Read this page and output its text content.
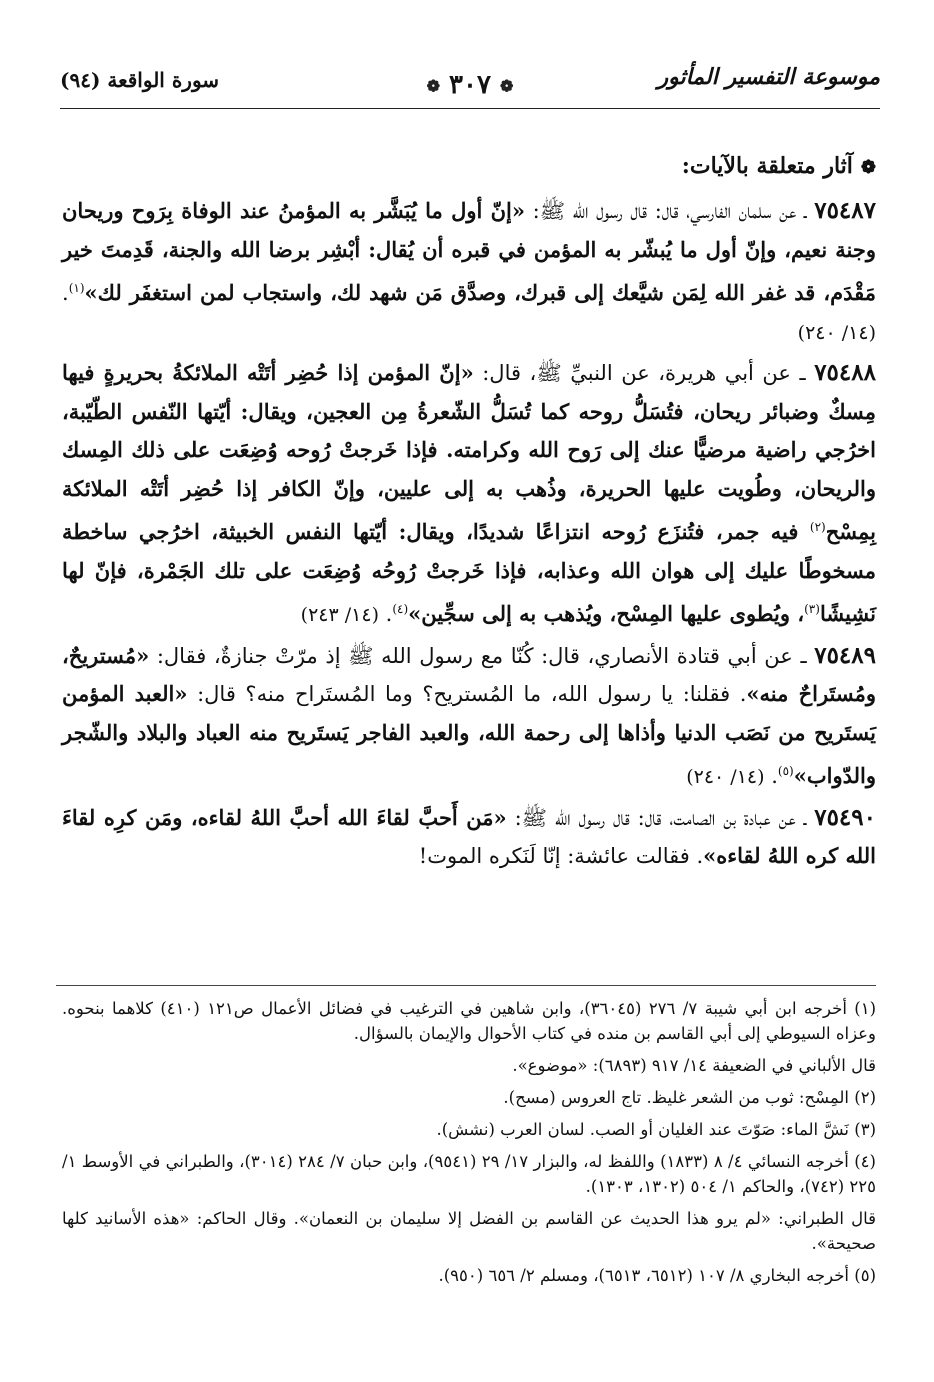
موسوعة التفسير المأثور
❁ ٣٠٧ ❁
سورة الواقعة (٩٤)
❁آثار متعلقة بالآيات:

٧٥٤٨٧ ـ عن سلمان الفارسي، قال: قال رسول الله ﷺ: «إنّ أول ما يُبَشَّر به المؤمنُ عند الوفاة بِرَوح وريحان وجنة نعيم، وإنّ أول ما يُبشّر به المؤمن في قبره أن يُقال: أبْشِر برضا الله والجنة، قَدِمتَ خير مَقْدَم، قد غفر الله لِمَن شيَّعك إلى قبرك، وصدَّق مَن شهد لك، واستجاب لمن استغفَر لك»$^{(١)}$. (١٤/ ٢٤٠)

٧٥٤٨٨ ـ عن أبي هريرة، عن النبيِّ ﷺ، قال: «إنّ المؤمن إذا حُضِر أتَتْه الملائكةُ بحريرةٍ فيها مِسكٌ وضبائر ريحان، فتُسَلُّ روحه كما تُسَلُّ الشّعرةُ مِن العجين، ويقال: أيّتها النّفس الطّيّبة، اخرُجي راضية مرضيًّا عنك إلى رَوح الله وكرامته. فإذا خَرجتْ رُوحه وُضِعَت على ذلك المِسك والريحان، وطُويت عليها الحريرة، وذُهب به إلى عليين، وإنّ الكافر إذا حُضِر أتَتْه الملائكة بِمِسْح$^{(٢)}$ فيه جمر، فتُنزَع رُوحه انتزاعًا شديدًا، ويقال: أيّتها النفس الخبيثة، اخرُجي ساخطة مسخوطًا عليك إلى هوان الله وعذابه، فإذا خَرجتْ رُوحُه وُضِعَت على تلك الجَمْرة، فإنّ لها نَشِيشًا$^{(٣)}$، ويُطوى عليها المِسْح، ويُذهب به إلى سجِّين»$^{(٤)}$. (١٤/ ٢٤٣)

٧٥٤٨٩ ـ عن أبي قتادة الأنصاري، قال: كُنّا مع رسول الله ﷺ إذ مرّتْ جنازةٌ، فقال: «مُستريحٌ، ومُستَراحٌ منه». فقلنا: يا رسول الله، ما المُستريح؟ وما المُستَراح منه؟ قال: «العبد المؤمن يَستَريح من نَصَب الدنيا وأذاها إلى رحمة الله، والعبد الفاجر يَستَريح منه العباد والبلاد والشّجر والدّواب»$^{(٥)}$. (١٤/ ٢٤٠)

٧٥٤٩٠ ـ عن عبادة بن الصامت، قال: قال رسول الله ﷺ: «مَن أَحبَّ لقاءَ الله أحبَّ اللهُ لقاءه، ومَن كرِه لقاءَ الله كره اللهُ لقاءه». فقالت عائشة: إنّا لَنَكره الموت!

(١) أخرجه ابن أبي شيبة ٧/ ٢٧٦ (٣٦٠٤٥)، وابن شاهين في الترغيب في فضائل الأعمال ص١٢١ (٤١٠) كلاهما بنحوه. وعزاه السيوطي إلى أبي القاسم بن منده في كتاب الأحوال والإيمان بالسؤال.

قال الألباني في الضعيفة ١٤/ ٩١٧ (٦٨٩٣): «موضوع».

(٢) المِسْح: ثوب من الشعر غليظ. تاج العروس (مسح).

(٣) نَشَّ الماء: صَوّتَ عند الغليان أو الصب. لسان العرب (نشش).

(٤) أخرجه النسائي ٤/ ٨ (١٨٣٣) واللفظ له، والبزار ١٧/ ٢٩ (٩٥٤١)، وابن حبان ٧/ ٢٨٤ (٣٠١٤)، والطبراني في الأوسط ١/ ٢٢٥ (٧٤٢)، والحاكم ١/ ٥٠٤ (١٣٠٢، ١٣٠٣).

قال الطبراني: «لم يرو هذا الحديث عن القاسم بن الفضل إلا سليمان بن النعمان». وقال الحاكم: «هذه الأسانيد كلها صحيحة».

(٥) أخرجه البخاري ٨/ ١٠٧ (٦٥١٢، ٦٥١٣)، ومسلم ٢/ ٦٥٦ (٩٥٠).
